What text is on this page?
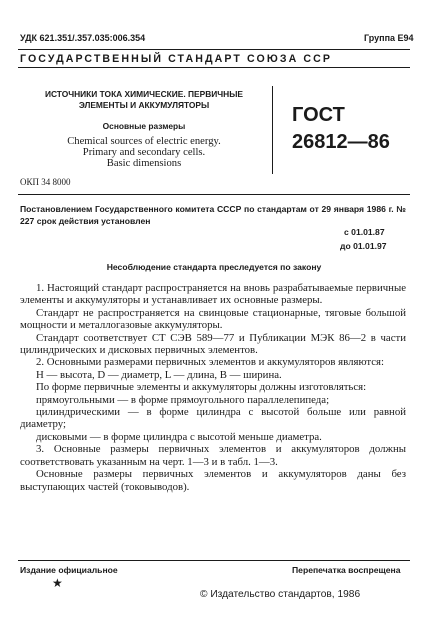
УДК 621.351/.357.035:006.354	Группа Е94
ГОСУДАРСТВЕННЫЙ СТАНДАРТ СОЮЗА ССР
ИСТОЧНИКИ ТОКА ХИМИЧЕСКИЕ. ПЕРВИЧНЫЕ ЭЛЕМЕНТЫ И АККУМУЛЯТОРЫ
Основные размеры
Chemical sources of electric energy.
Primary and secondary cells.
Basic dimensions
ГОСТ
26812—86
ОКП 34 8000
Постановлением Государственного комитета СССР по стандартам от 29 января 1986 г. № 227 срок действия установлен
с 01.01.87
до 01.01.97
Несоблюдение стандарта преследуется по закону

1. Настоящий стандарт распространяется на вновь разрабатываемые первичные элементы и аккумуляторы и устанавливает их основные размеры.

Стандарт не распространяется на свинцовые стационарные, тяговые большой мощности и металлогазовые аккумуляторы.

Стандарт соответствует СТ СЭВ 589—77 и Публикации МЭК 86—2 в части цилиндрических и дисковых первичных элементов.

2. Основными размерами первичных элементов и аккумуляторов являются:

H — высота, D — диаметр, L — длина, B — ширина.

По форме первичные элементы и аккумуляторы должны изготовляться:

прямоугольными — в форме прямоугольного параллелепипеда;

цилиндрическими — в форме цилиндра с высотой больше или равной диаметру;

дисковыми — в форме цилиндра с высотой меньше диаметра.

3. Основные размеры первичных элементов и аккумуляторов должны соответствовать указанным на черт. 1—3 и в табл. 1—3.

Основные размеры первичных элементов и аккумуляторов даны без выступающих частей (токовыводов).

Издание официальное	Перепечатка воспрещена
★
© Издательство стандартов, 1986
